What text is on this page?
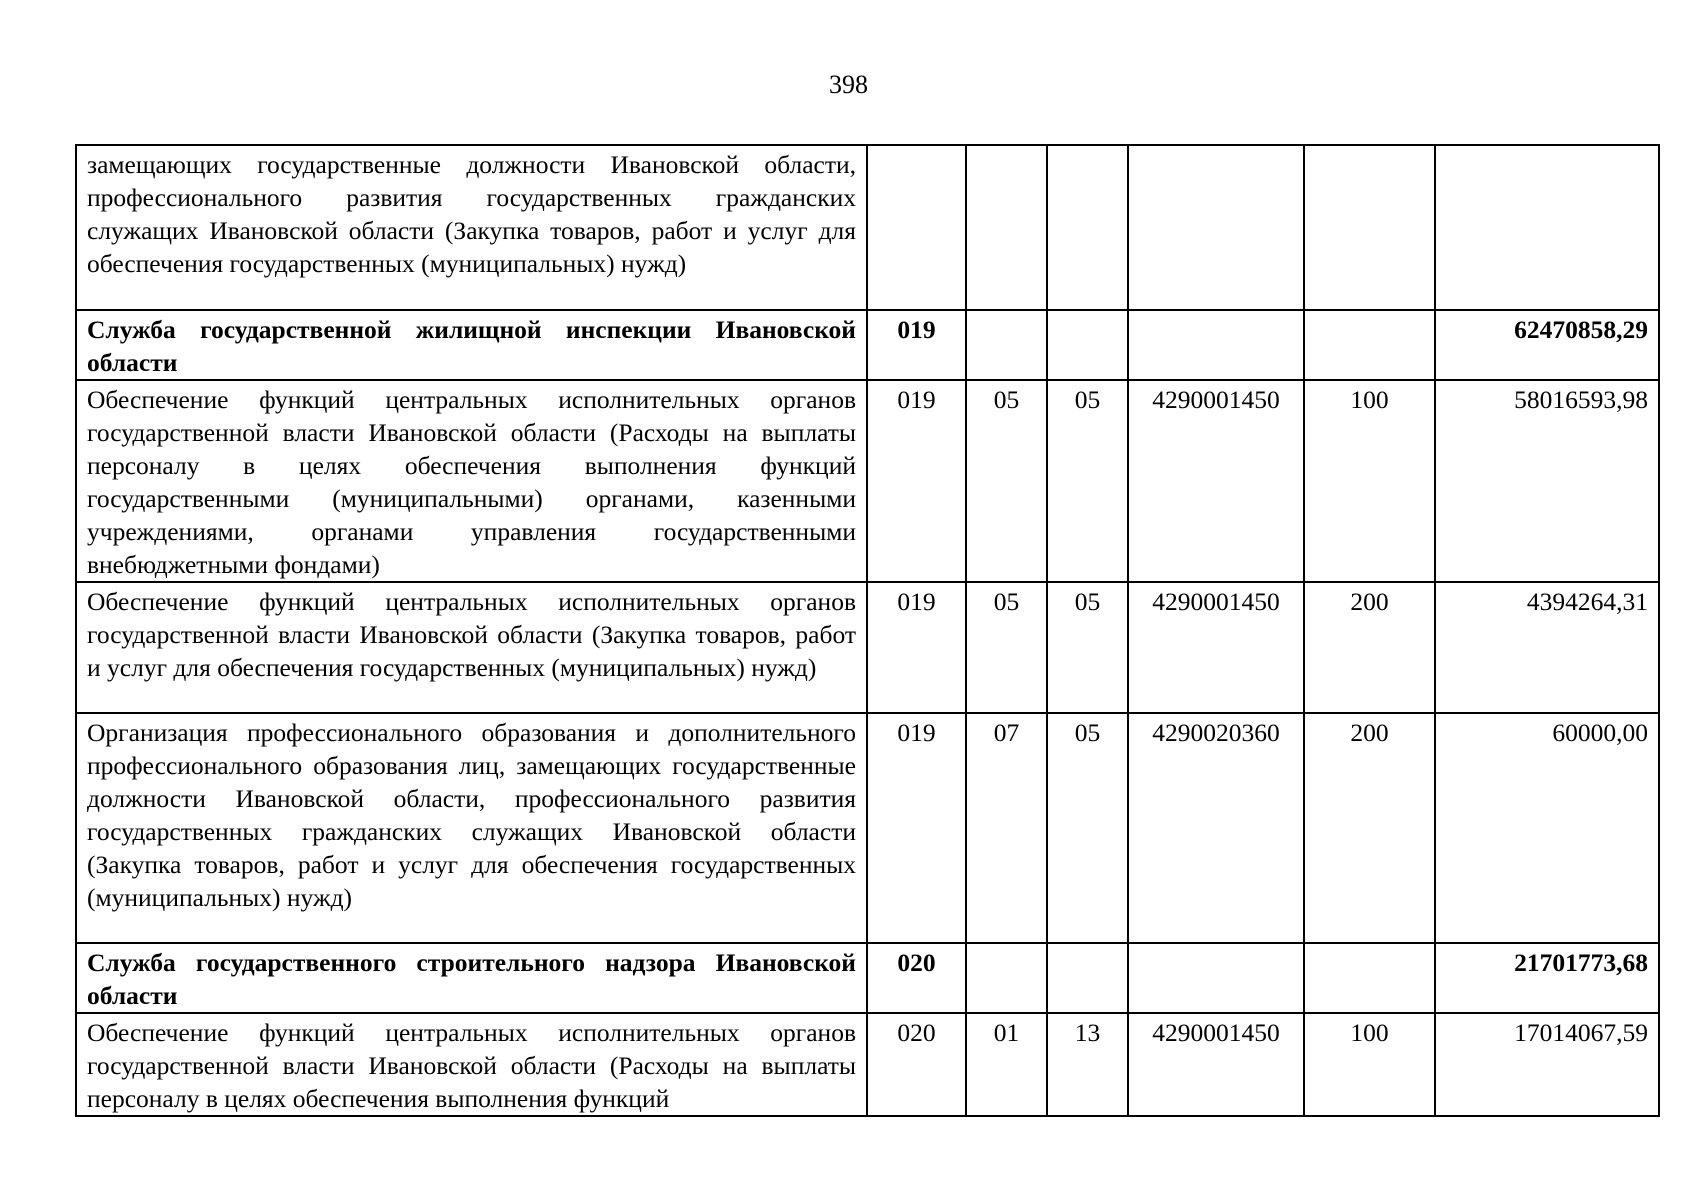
398
замещающих государственные должности Ивановской области, профессионального развития государственных гражданских служащих Ивановской области (Закупка товаров, работ и услуг для обеспечения государственных (муниципальных) нужд)						
Служба государственной жилищной инспекции Ивановской области	019					62470858,29
Обеспечение функций центральных исполнительных органов государственной власти Ивановской области (Расходы на выплаты персоналу в целях обеспечения выполнения функций государственными (муниципальными) органами, казенными учреждениями, органами управления государственными внебюджетными фондами)	019	05	05	4290001450	100	58016593,98
Обеспечение функций центральных исполнительных органов государственной власти Ивановской области (Закупка товаров, работ и услуг для обеспечения государственных (муниципальных) нужд)	019	05	05	4290001450	200	4394264,31
Организация профессионального образования и дополнительного профессионального образования лиц, замещающих государственные должности Ивановской области, профессионального развития государственных гражданских служащих Ивановской области (Закупка товаров, работ и услуг для обеспечения государственных (муниципальных) нужд)	019	07	05	4290020360	200	60000,00
Служба государственного строительного надзора Ивановской области	020					21701773,68
Обеспечение функций центральных исполнительных органов государственной власти Ивановской области (Расходы на выплаты персоналу в целях обеспечения выполнения функций	020	01	13	4290001450	100	17014067,59
